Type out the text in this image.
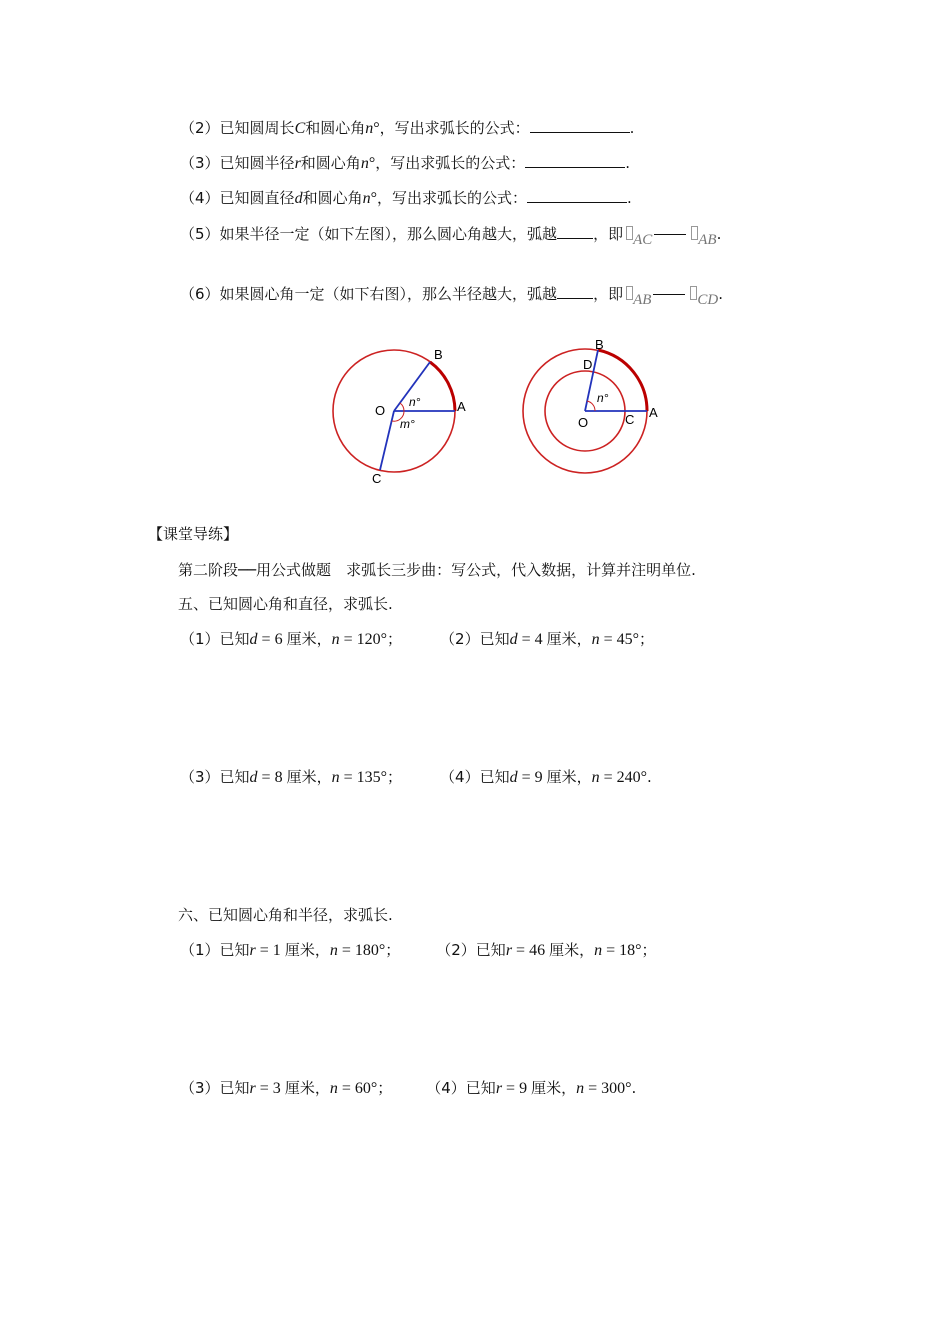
（2）已知圆周长C和圆心角n°，写出求弧长的公式：	.
（3）已知圆半径r和圆心角n°，写出求弧长的公式：	.
（4）已知圆直径d和圆心角n°，写出求弧长的公式：	.
（5）如果半径一定（如下左图），那么圆心角越大，弧越 ，即 AC	AB.
（6）如果圆心角一定（如下右图），那么半径越大，弧越 ，即 AB	CD.
B
O	A
C
n°
m°
B
D
O	C A
n°
【课堂导练】
第二阶段──用公式做题　求弧长三步曲：写公式，代入数据，计算并注明单位.
五、已知圆心角和直径，求弧长.
（1）已知d = 6 厘米，n = 120°；	（2）已知d = 4 厘米，n = 45°；
（3）已知d = 8 厘米，n = 135°；	（4）已知d = 9 厘米，n = 240°.
六、已知圆心角和半径，求弧长.
（1）已知r = 1 厘米，n = 180°； （2）已知r = 46 厘米，n = 18°；
（3）已知r = 3 厘米，n = 60°； （4）已知r = 9 厘米，n = 300°.
